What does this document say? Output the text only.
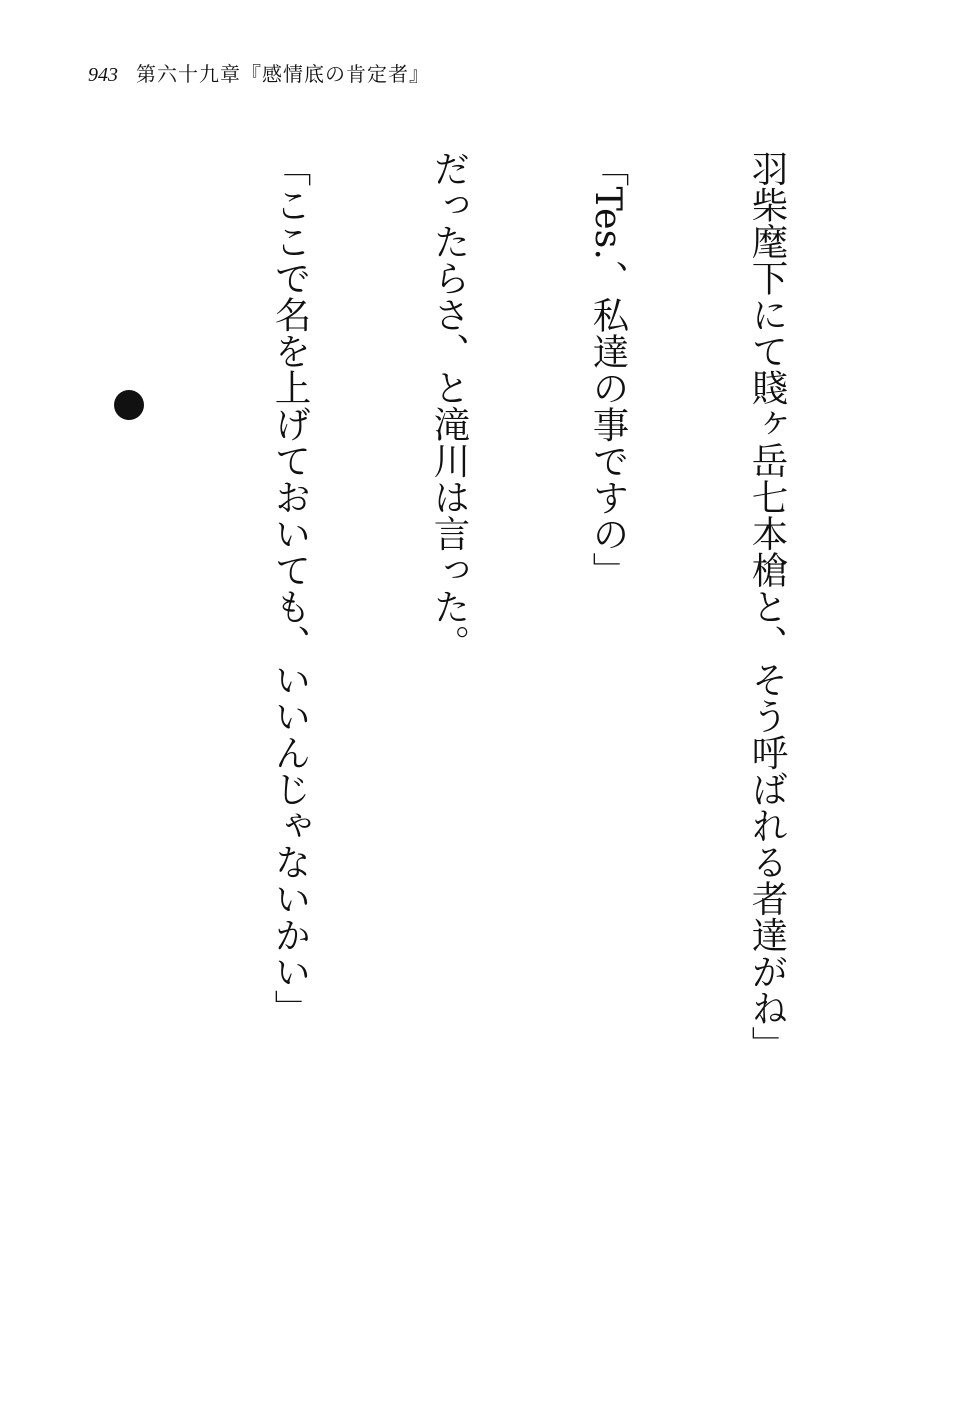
943 第六十九章『感情底の肯定者』

羽柴麾下にて賤ヶ岳七本槍と、そう呼ばれる者達がね」

「Tes.、私達の事ですの」

だったらさ、と滝川は言った。

「ここで名を上げておいても、いいんじゃないかい」
